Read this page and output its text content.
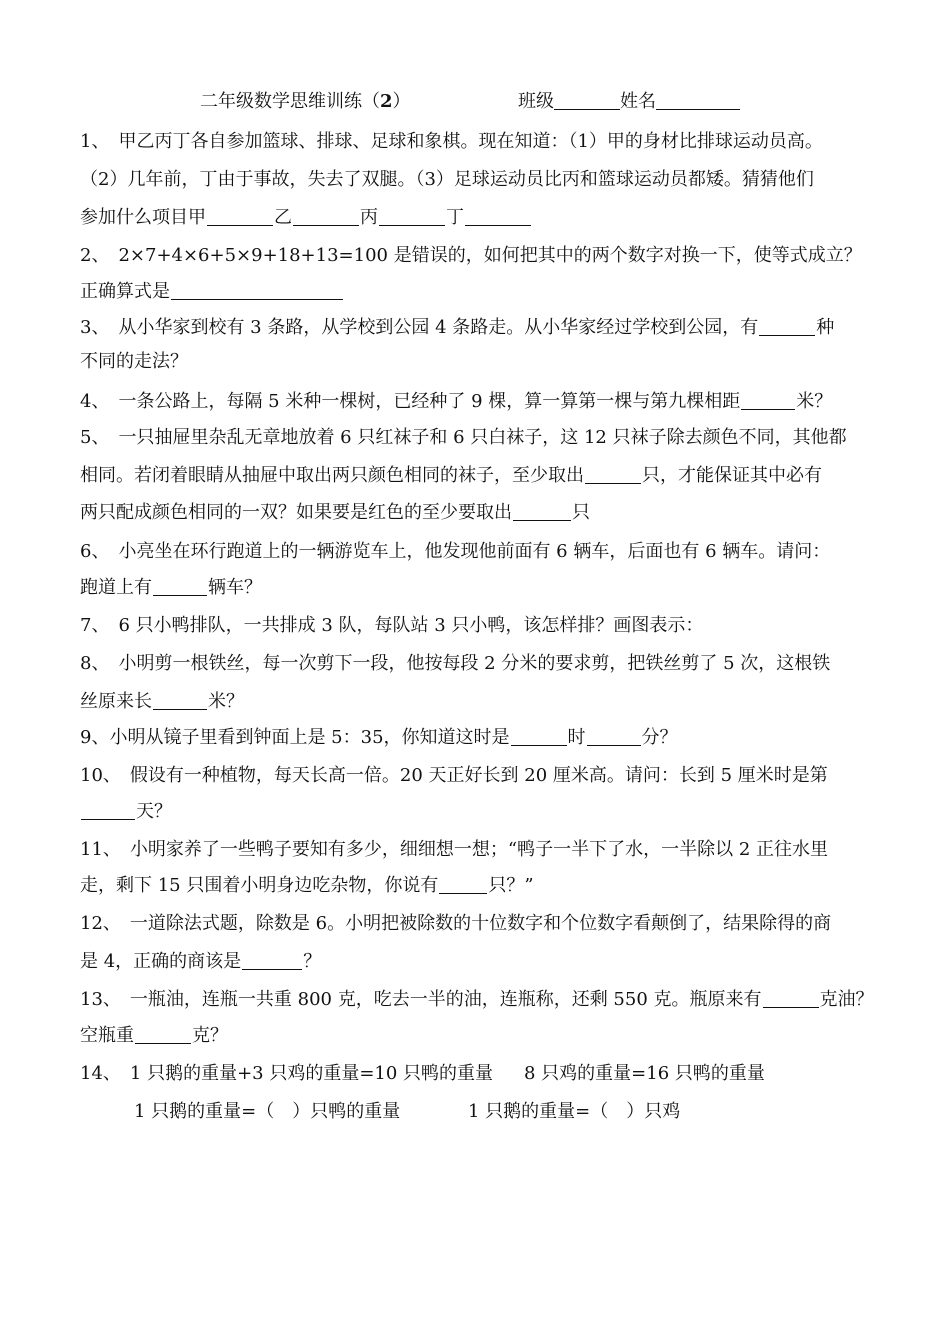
二年级数学思维训练（2）	班级	姓名
1、　甲乙丙丁各自参加篮球、排球、足球和象棋。现在知道：（1）甲的身材比排球运动员高。
（2）几年前，丁由于事故，失去了双腿。（3）足球运动员比丙和篮球运动员都矮。猜猜他们
参加什么项目甲	乙	丙	丁
2、　2×7+4×6+5×9+18+13=100 是错误的，如何把其中的两个数字对换一下，使等式成立？
正确算式是
3、　从小华家到校有 3 条路，从学校到公园 4 条路走。从小华家经过学校到公园，有	种
不同的走法？
4、　一条公路上，每隔 5 米种一棵树，已经种了 9 棵，算一算第一棵与第九棵相距	米？
5、　一只抽屉里杂乱无章地放着 6 只红袜子和 6 只白袜子，这 12 只袜子除去颜色不同，其他都
相同。若闭着眼睛从抽屉中取出两只颜色相同的袜子，至少取出	只，才能保证其中必有
两只配成颜色相同的一双？如果要是红色的至少要取出	只
6、　小亮坐在环行跑道上的一辆游览车上，他发现他前面有 6 辆车，后面也有 6 辆车。请问：
跑道上有	辆车？
7、　6 只小鸭排队，一共排成 3 队，每队站 3 只小鸭，该怎样排？画图表示：
8、　小明剪一根铁丝，每一次剪下一段，他按每段 2 分米的要求剪，把铁丝剪了 5 次，这根铁
丝原来长	米？
9、小明从镜子里看到钟面上是 5：35，你知道这时是	时	分？
10、　假设有一种植物，每天长高一倍。20 天正好长到 20 厘米高。请问：长到 5 厘米时是第
天？
11、　小明家养了一些鸭子要知有多少，细细想一想；“鸭子一半下了水，一半除以 2 正往水里
走，剩下 15 只围着小明身边吃杂物，你说有	只？”
12、　一道除法式题，除数是 6。小明把被除数的十位数字和个位数字看颠倒了，结果除得的商
是 4，正确的商该是	？
13、　一瓶油，连瓶一共重 800 克，吃去一半的油，连瓶称，还剩 550 克。瓶原来有	克油？
空瓶重	克？
14、　1 只鹅的重量+3 只鸡的重量=10 只鸭的重量 8 只鸡的重量=16 只鸭的重量
1 只鹅的重量=（　）只鸭的重量	1 只鹅的重量=（　）只鸡
